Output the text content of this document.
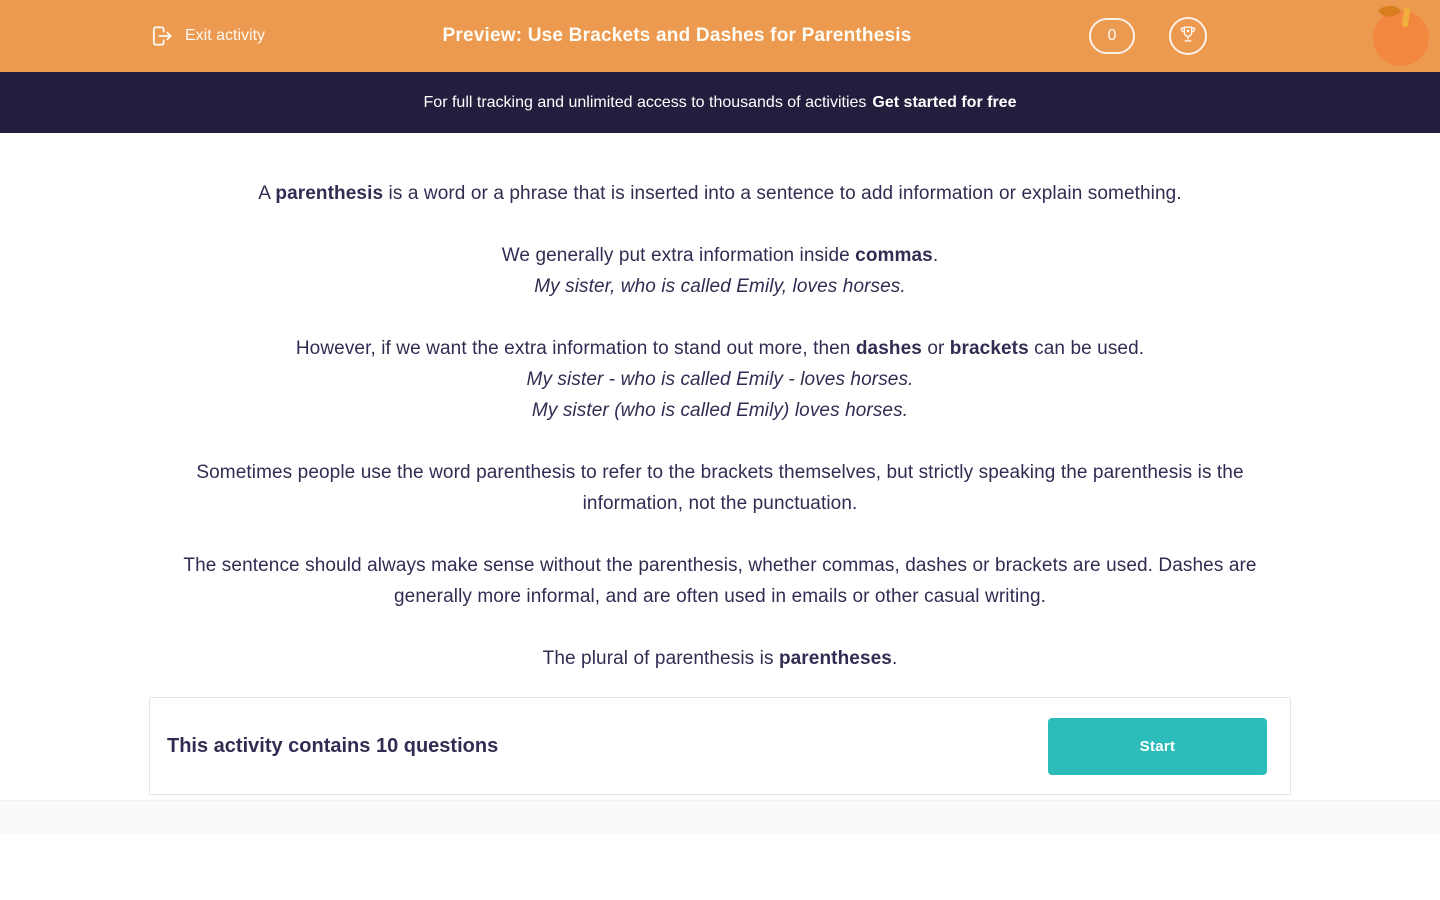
Exit activity	Preview: Use Brackets and Dashes for Parenthesis	0
For full tracking and unlimited access to thousands of activities Get started for free

A parenthesis is a word or a phrase that is inserted into a sentence to add information or explain something.

We generally put extra information inside commas.
My sister, who is called Emily, loves horses.

However, if we want the extra information to stand out more, then dashes or brackets can be used.
My sister - who is called Emily - loves horses.
My sister (who is called Emily) loves horses.

Sometimes people use the word parenthesis to refer to the brackets themselves, but strictly speaking the parenthesis is the information, not the punctuation.

The sentence should always make sense without the parenthesis, whether commas, dashes or brackets are used. Dashes are generally more informal, and are often used in emails or other casual writing.

The plural of parenthesis is parentheses.

This activity contains 10 questions	Start
